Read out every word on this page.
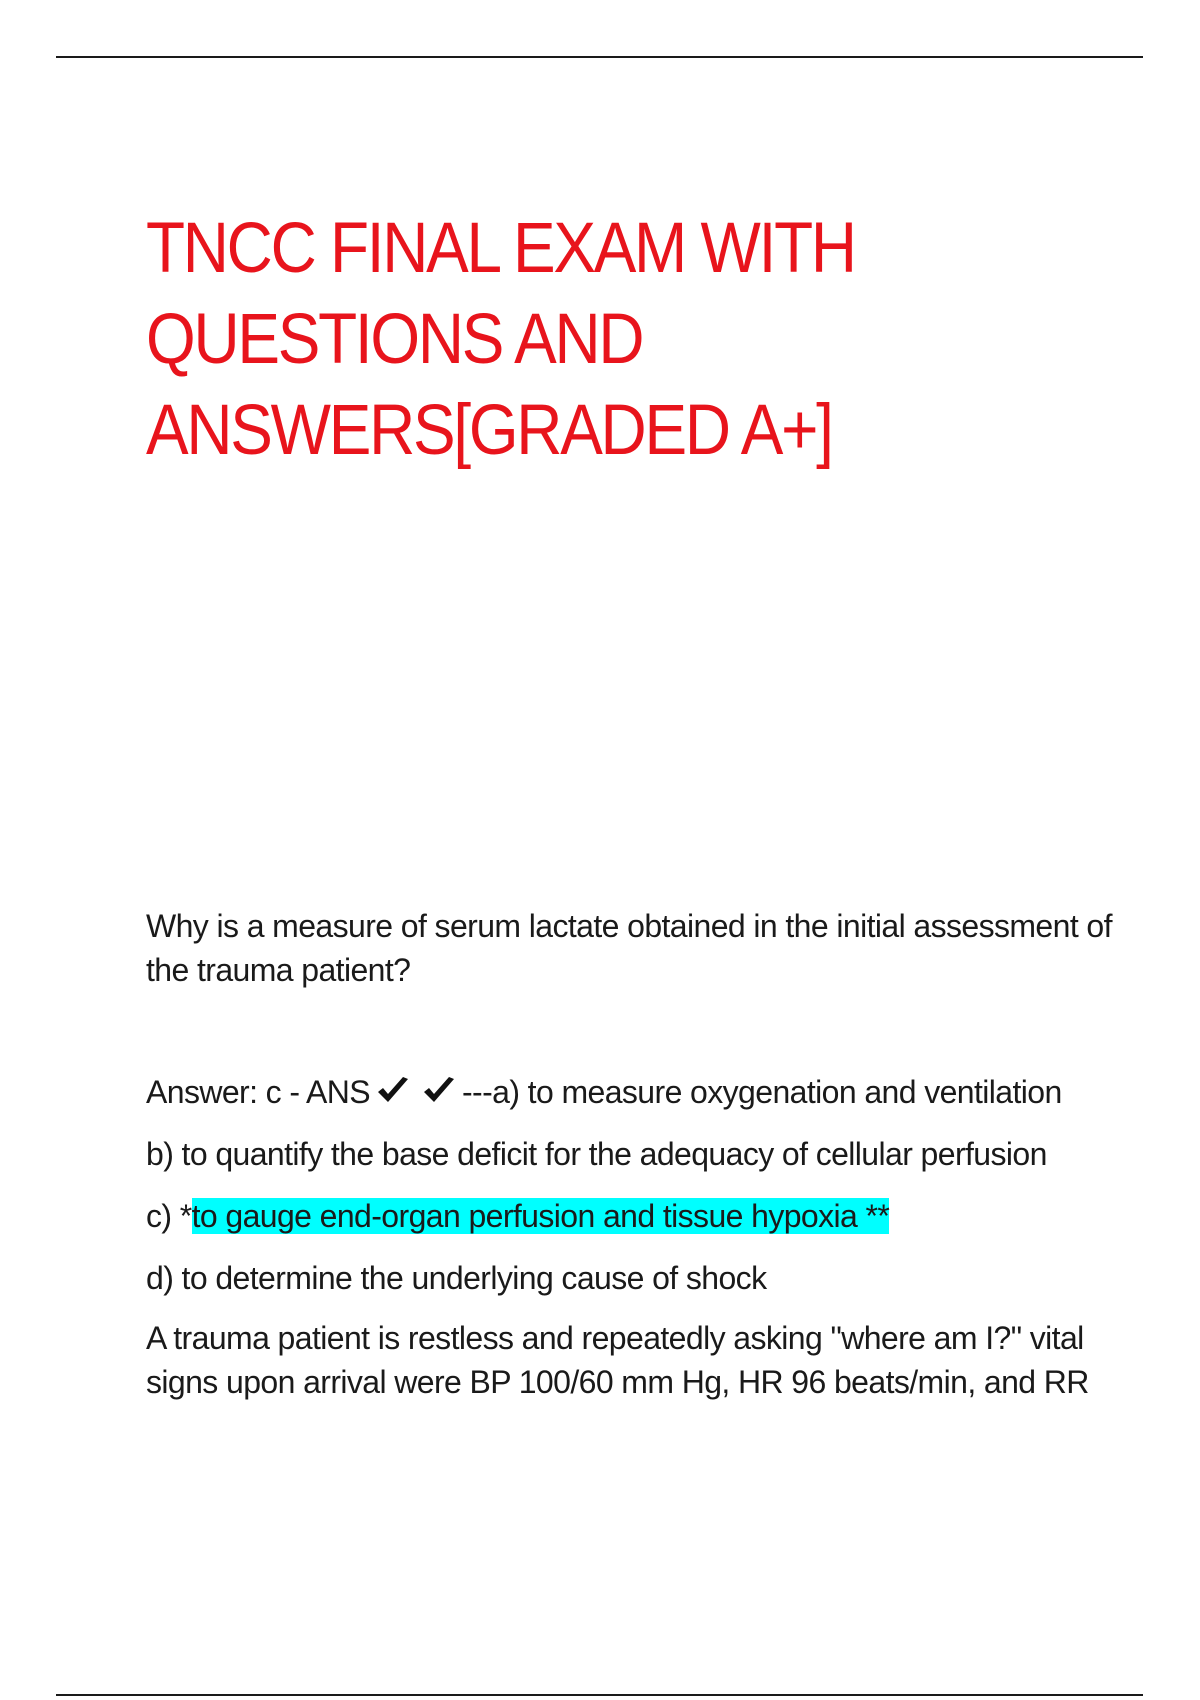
TNCC FINAL EXAM WITH
QUESTIONS AND
ANSWERS[GRADED A+]

Why is a measure of serum lactate obtained in the initial assessment of the trauma patient?

Answer: c - ANS	---a) to measure oxygenation and ventilation

b) to quantify the base deficit for the adequacy of cellular perfusion

c) *to gauge end-organ perfusion and tissue hypoxia **

d) to determine the underlying cause of shock

A trauma patient is restless and repeatedly asking "where am I?" vital signs upon arrival were BP 100/60 mm Hg, HR 96 beats/min, and RR
